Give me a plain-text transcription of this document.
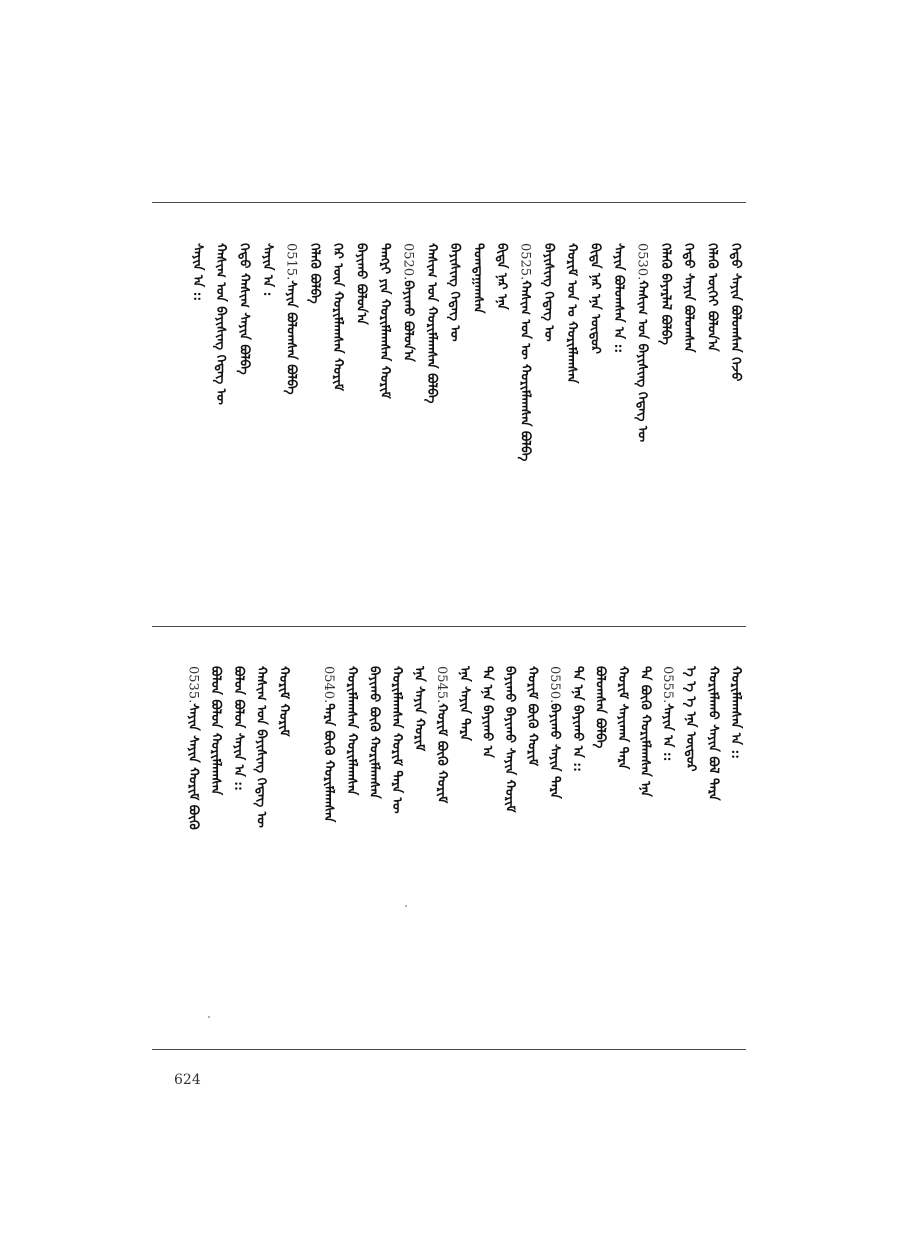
ᠬᠡᠳᠦ ᠰᠠᠶᠢᠨ ᠪᠣᠯᠤᠭᠰᠠᠨ ᠭᠡᠵᠦ
ᠬᠡᠯᠡᠬᠦ ᠦᠭᠡᠢ ᠪᠣᠯᠤᠨ᠎ᠠ
ᠬᠡᠳᠦ ᠰᠠᠶᠢᠨ ᠪᠣᠯᠤᠭᠰᠠᠨ
ᠬᠡᠯᠡᠬᠦ ᠪᠠᠶᠠᠷᠯᠠᠯ ᠪᠣᠯᠪᠠ
0530.ᠬᠠᠰᠢᠭ ᠤᠨ ᠪᠠᠶᠢᠰᠢᠩ ᠭᠡᠳᠡᠭ ᠦ
ᠰᠠᠶᠢᠨ ᠪᠣᠯᠤᠭᠰᠠᠨ ᠠ ::
ᠪᠢᠳᠡ ᠨᠠᠷ ᠡᠨᠡ ᠦᠳᠦᠷ
ᠬᠤᠷᠢᠮ ᠤᠨ ᠤ ᠬᠤᠷᠢᠮᠯᠠᠭᠰᠠᠨ
ᠪᠠᠶᠢᠰᠢᠩ ᠭᠡᠳᠡᠭ ᠦ
0525.ᠬᠠᠰᠢᠭ ᠤᠨ ᠦ ᠬᠤᠷᠢᠮᠯᠠᠭᠰᠠᠨ ᠪᠣᠯᠪᠠ
ᠪᠢᠳᠡ ᠨᠠᠷ ᠡᠨᠡ
ᠲᠣᠭᠲᠠᠭᠠᠭᠰᠠᠨ
ᠪᠠᠶᠢᠰᠢᠩ ᠭᠡᠳᠡᠭ ᠦ
ᠬᠠᠰᠢᠭ ᠤᠨ ᠬᠤᠷᠢᠮᠯᠠᠭᠰᠠᠨ ᠪᠣᠯᠪᠠ
0520.ᠪᠠᠶᠢᠬᠤ ᠪᠣᠯᠤᠨ᠎ᠠ
ᠲᠡᠩᠷᠢ ᠶᠢᠨ ᠬᠤᠷᠢᠮᠯᠠᠭᠰᠠᠨ ᠬᠤᠷᠢᠮ
ᠪᠠᠶᠢᠬᠤ ᠪᠣᠯᠤᠨ᠎ᠠ
ᠭᠡᠷ ᠦᠨ ᠬᠤᠷᠢᠮᠯᠠᠭᠰᠠᠨ ᠬᠤᠷᠢᠮ
ᠬᠡᠯᠡᠬᠦ ᠪᠣᠯᠪᠠ
0515.ᠰᠠᠶᠢᠨ ᠪᠣᠯᠤᠭᠰᠠᠨ ᠪᠣᠯᠪᠠ
ᠰᠠᠶᠢᠨ ᠠ :
ᠬᠡᠳᠦ ᠬᠠᠰᠢᠭ ᠰᠠᠶᠢᠨ ᠪᠣᠯᠪᠠ
ᠬᠠᠰᠢᠭ ᠤᠨ ᠪᠠᠶᠢᠰᠢᠩ ᠭᠡᠳᠡᠭ ᠦ
ᠰᠠᠶᠢᠨ ᠠ ::
ᠬᠤᠷᠢᠮᠯᠠᠭᠰᠠᠨ ᠠ ::
ᠬᠤᠷᠢᠮᠯᠠᠬᠤ ᠰᠠᠶᠢᠨ ᠪᠣᠯ ᠲᠡᠷᠡ
ᠡ ᠡ ᠡ ᠡᠨᠡ ᠦᠳᠦᠷ
0555.ᠰᠠᠶᠢᠨ ᠠ ::
ᠲᠠ ᠪᠦᠬᠦ ᠬᠤᠷᠢᠮᠯᠠᠭᠰᠠᠨ ᠡᠨᠡ
ᠬᠤᠷᠢᠮ ᠰᠠᠶᠢᠬᠠᠨ ᠲᠡᠷᠡ
ᠪᠣᠯᠤᠭᠰᠠᠨ ᠪᠣᠯᠪᠠ
ᠲᠠ ᠡᠨᠡ ᠪᠠᠶᠢᠬᠤ ᠠ ::
0550.ᠪᠠᠶᠢᠬᠤ ᠰᠠᠶᠢᠨ ᠲᠡᠷᠡ
ᠬᠤᠷᠢᠮ ᠪᠦᠬᠦ ᠬᠤᠷᠢᠮ
ᠪᠠᠶᠢᠬᠤ ᠪᠠᠶᠢᠬᠤ ᠰᠠᠶᠢᠨ ᠬᠤᠷᠢᠮ
ᠲᠠ ᠡᠨᠡ ᠪᠠᠶᠢᠬᠤ ᠠ
ᠡᠨᠡ ᠰᠠᠶᠢᠨ ᠲᠡᠷᠡ
0545.ᠬᠤᠷᠢᠮ ᠪᠦᠬᠦ ᠬᠤᠷᠢᠮ
ᠡᠨᠡ ᠰᠠᠶᠢᠨ ᠬᠤᠷᠢᠮ
ᠬᠤᠷᠢᠮᠯᠠᠭᠰᠠᠨ ᠬᠤᠷᠢᠮ ᠲᠡᠷᠡ ᠦ
ᠪᠠᠶᠢᠬᠤ ᠪᠦᠬᠦ ᠬᠤᠷᠢᠮᠯᠠᠭᠰᠠᠨ
ᠬᠤᠷᠢᠮᠯᠠᠭᠰᠠᠨ ᠬᠤᠷᠢᠮᠯᠠᠭᠰᠠᠨ
0540.ᠲᠡᠷᠡ ᠪᠦᠬᠦ ᠬᠤᠷᠢᠮᠯᠠᠭᠰᠠᠨ
ᠬᠤᠷᠢᠮ ᠬᠤᠷᠢᠮ
ᠬᠠᠰᠢᠭ ᠤᠨ ᠪᠠᠶᠢᠰᠢᠩ ᠭᠡᠳᠡᠭ ᠦ
ᠪᠣᠯᠤᠨ ᠪᠣᠯᠤᠨ ᠰᠠᠶᠢᠨ ᠠ ::
ᠪᠣᠯᠤᠨ ᠪᠣᠯᠤᠨ ᠬᠤᠷᠢᠮᠯᠠᠭᠰᠠᠨ
0535.ᠰᠠᠶᠢᠨ ᠰᠠᠶᠢᠨ ᠬᠤᠷᠢᠮ ᠪᠦᠬᠦ
624
